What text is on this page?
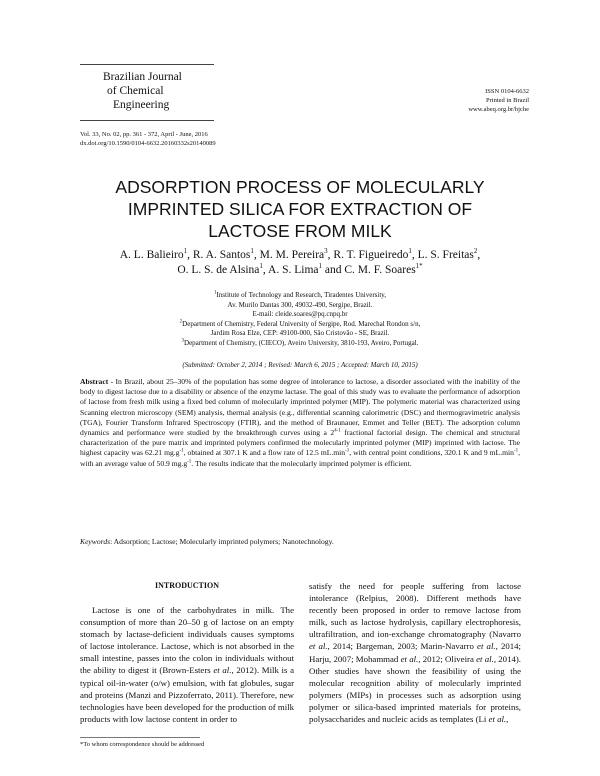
Brazilian Journal
of Chemical
Engineering
ISSN 0104-6632
Printed in Brazil
www.abeq.org.br/bjche
Vol. 33, No. 02, pp. 361 - 372, April - June, 2016
dx.doi.org/10.1590/0104-6632.20160332s20140089
ADSORPTION PROCESS OF MOLECULARLY
IMPRINTED SILICA FOR EXTRACTION OF
LACTOSE FROM MILK
A. L. Balieiro$^1$, R. A. Santos$^1$, M. M. Pereira$^3$, R. T. Figueiredo$^1$, L. S. Freitas$^2$,
O. L. S. de Alsina$^1$, A. S. Lima$^1$ and C. M. F. Soares$^{1*}$
$^1$Institute of Technology and Research, Tiradentes University,
Av. Murilo Dantas 300, 49032-490, Sergipe, Brazil.
E-mail: cleide.soares@pq.cnpq.br
$^2$Department of Chemistry, Federal University of Sergipe, Rod. Marechal Rondon s/n,
Jardim Rosa Elze, CEP: 49100-000, São Cristovão - SE, Brazil.
$^3$Department of Chemistry, (CIECO), Aveiro University, 3810-193, Aveiro, Portugal.
(Submitted: October 2, 2014 ; Revised: March 6, 2015 ; Accepted: March 10, 2015)
Abstract - In Brazil, about 25–30% of the population has some degree of intolerance to lactose, a disorder associated with the inability of the body to digest lactose due to a disability or absence of the enzyme lactase. The goal of this study was to evaluate the performance of adsorption of lactose from fresh milk using a fixed bed column of molecularly imprinted polymer (MIP). The polymeric material was characterized using Scanning electron microscopy (SEM) analysis, thermal analysis (e.g., differential scanning calorimetric (DSC) and thermogravimetric analysis (TGA), Fourier Transform Infrared Spectroscopy (FTIR), and the method of Braunauer, Emmet and Teller (BET). The adsorption column dynamics and performance were studied by the breakthrough curves using a 2$^{4-1}$ fractional factorial design. The chemical and structural characterization of the pure matrix and imprinted polymers confirmed the molecularly imprinted polymer (MIP) imprinted with lactose. The highest capacity was 62.21 $mg.g^{-1}$, obtained at 307.1 K and a flow rate of 12.5 $mL.\min^{-1}$, with central point conditions, 320.1 K and 9 $mL.\min^{-1}$, with an average value of 50.9 $mg.g^{-1}$. The results indicate that the molecularly imprinted polymer is efficient.
Keywords: Adsorption; Lactose; Molecularly imprinted polymers; Nanotechnology.
INTRODUCTION

Lactose is one of the carbohydrates in milk. The consumption of more than 20–50 g of lactose on an empty stomach by lactase-deficient individuals causes symptoms of lactose intolerance. Lactose, which is not absorbed in the small intestine, passes into the colon in individuals without the ability to digest it (Brown-Esters et al., 2012). Milk is a typical oil-in-water (o/w) emulsion, with fat globules, sugar and proteins (Manzi and Pizzoferrato, 2011). Therefore, new technologies have been developed for the production of milk products with low lactose content in order to

satisfy the need for people suffering from lactose intolerance (Relpius, 2008). Different methods have recently been proposed in order to remove lactose from milk, such as lactose hydrolysis, capillary electrophoresis, ultrafiltration, and ion-exchange chromatography (Navarro et al., 2014; Bargeman, 2003; Marin-Navarro et al., 2014; Harju, 2007; Mohammad et al., 2012; Oliveira et al., 2014). Other studies have shown the feasibility of using the molecular recognition ability of molecularly imprinted polymers (MIPs) in processes such as adsorption using polymer or silica-based imprinted materials for proteins, polysaccharides and nucleic acids as templates (Li et al.,

*To whom correspondence should be addressed
